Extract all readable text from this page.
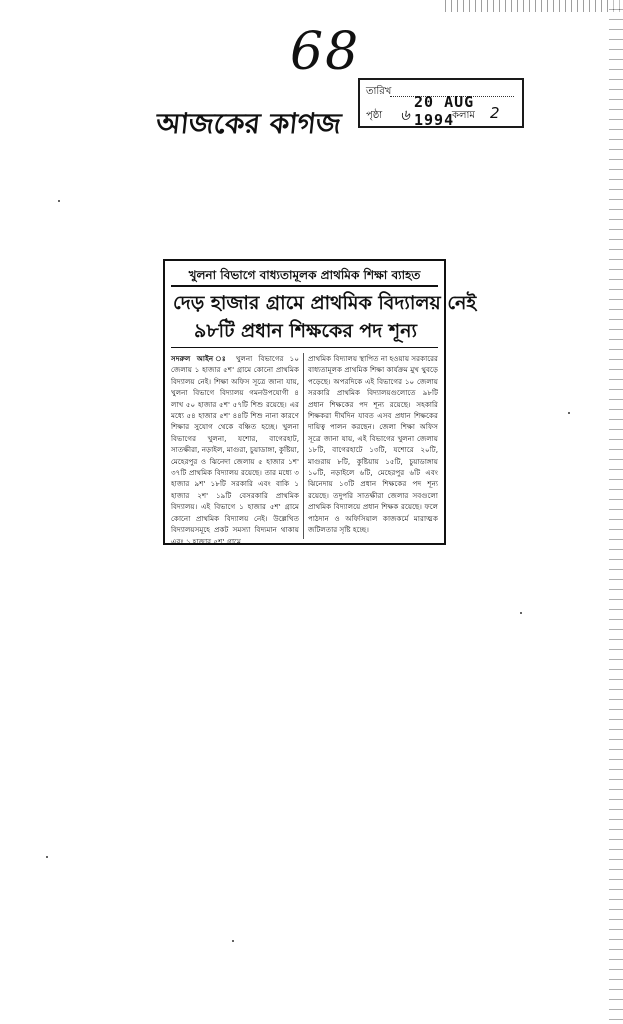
68
আজকের কাগজ
তারিখ
20 AUG 1994
পৃষ্ঠা ৬	কলাম 2
খুলনা বিভাগে বাধ্যতামূলক প্রাথমিক শিক্ষা ব্যাহত
দেড় হাজার গ্রামে প্রাথমিক বিদ্যালয় নেই
৯৮টি প্রধান শিক্ষকের পদ শূন্য
সদরুল আইন ঃ খুলনা বিভাগের ১০ জেলায় ১ হাজার ৫শ' গ্রামে কোনো প্রাথমিক বিদ্যালয় নেই। শিক্ষা অফিস সূত্রে জানা যায়, খুলনা বিভাগে বিদ্যালয় গমনউপযোগী ৪ লাখ ৫০ হাজার ৫শ' ৫৭টি শিশু রয়েছে। এর মধ্যে ৫৪ হাজার ৫শ' ৪৪টি শিশু নানা কারণে শিক্ষার সুযোগ থেকে বঞ্চিত হচ্ছে। খুলনা বিভাগের খুলনা, যশোর, বাগেরহাট, সাতক্ষীরা, নড়াইল, মাগুরা, চুয়াডাঙ্গা, কুষ্টিয়া, মেহেরপুর ও ঝিনেদা জেলায় ৫ হাজার ১শ' ৩৭টি প্রাথমিক বিদ্যালয় রয়েছে। তার মধ্যে ৩ হাজার ৯শ' ১৮টি সরকারি এবং বাকি ১ হাজার ২শ' ১৯টি বেসরকারি প্রাথমিক বিদ্যালয়। এই বিভাগে ১ হাজার ৫শ' গ্রামে কোনো প্রাথমিক বিদ্যালয় নেই। উল্লেখিত বিদ্যালয়সমূহে প্রকট সমস্যা বিদ্যমান থাকায় এবং ১ হাজার ৫শ' গ্রামে
প্রাথমিক বিদ্যালয় স্থাপিত না হওয়ায় সরকারের বাধ্যতামূলক প্রাথমিক শিক্ষা কার্যক্রম মুখ থুবড়ে পড়েছে। অপরদিকে এই বিভাগের ১০ জেলায় সরকারি প্রাথমিক বিদ্যালয়গুলোতে ৯৮টি প্রধান শিক্ষকের পদ শূন্য রয়েছে। সহকারি শিক্ষকরা দীর্ঘদিন যাবত এসব প্রধান শিক্ষকের দায়িত্ব পালন করছেন। জেলা শিক্ষা অফিস সূত্রে জানা যায়, এই বিভাগের খুলনা জেলায় ১৮টি, বাগেরহাটে ১৩টি, যশোরে ২০টি, মাগুরায় ৮টি, কুষ্টিয়ায় ১৫টি, চুয়াডাঙ্গায় ১০টি, নড়াইলে ৬টি, মেহেরপুর ৬টি এবং ঝিনেদায় ১৩টি প্রধান শিক্ষকের পদ শূন্য রয়েছে। তদুপরি সাতক্ষীরা জেলার সবগুলো প্রাথমিক বিদ্যালয়ে প্রধান শিক্ষক রয়েছে। ফলে পাঠদান ও অফিসিয়াল কাজকর্মে মারাত্মক জটিলতার সৃষ্টি হচ্ছে।
